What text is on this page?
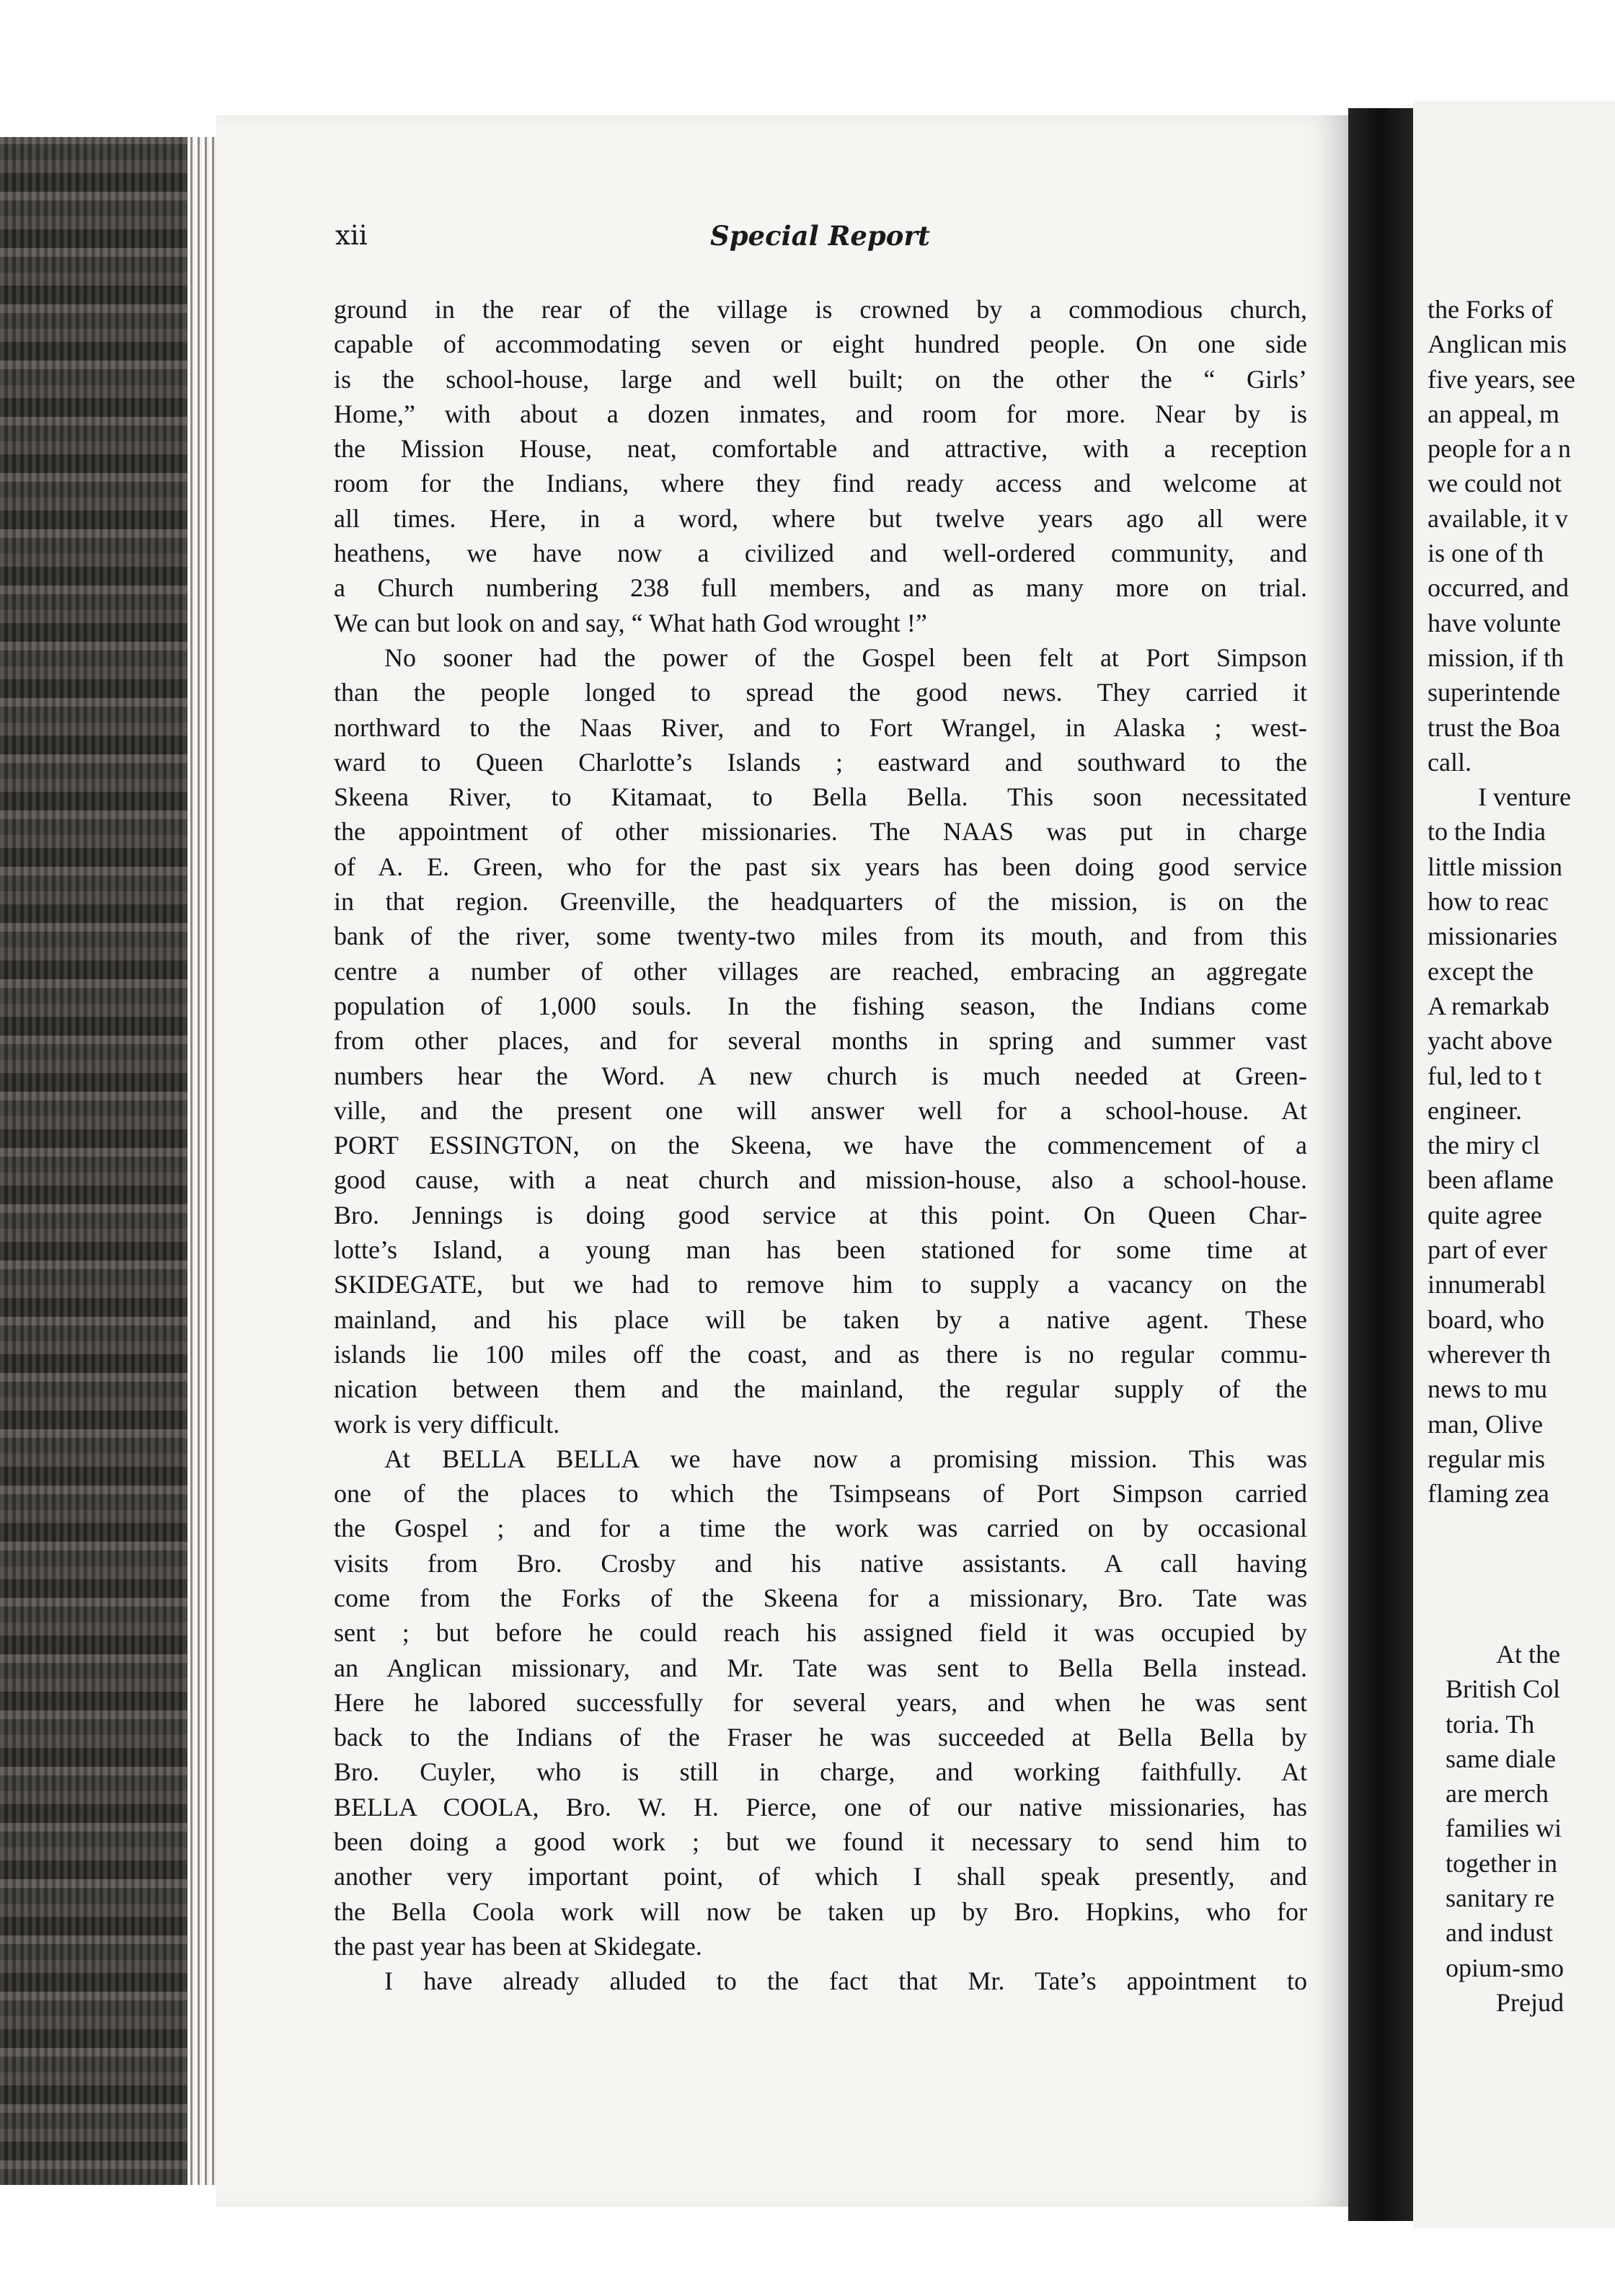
xii	Special Report
ground in the rear of the village is crowned by a commodious church,
capable of accommodating seven or eight hundred people. On one side
is the school-house, large and well built; on the other the “ Girls’
Home,” with about a dozen inmates, and room for more. Near by is
the Mission House, neat, comfortable and attractive, with a reception
room for the Indians, where they find ready access and welcome at
all times. Here, in a word, where but twelve years ago all were
heathens, we have now a civilized and well-ordered community, and
a Church numbering 238 full members, and as many more on trial.
We can but look on and say, “ What hath God wrought !”
No sooner had the power of the Gospel been felt at Port Simpson
than the people longed to spread the good news. They carried it
northward to the Naas River, and to Fort Wrangel, in Alaska ; west-
ward to Queen Charlotte’s Islands ; eastward and southward to the
Skeena River, to Kitamaat, to Bella Bella. This soon necessitated
the appointment of other missionaries. The NAAS was put in charge
of A. E. Green, who for the past six years has been doing good service
in that region. Greenville, the headquarters of the mission, is on the
bank of the river, some twenty-two miles from its mouth, and from this
centre a number of other villages are reached, embracing an aggregate
population of 1,000 souls. In the fishing season, the Indians come
from other places, and for several months in spring and summer vast
numbers hear the Word. A new church is much needed at Green-
ville, and the present one will answer well for a school-house. At
PORT ESSINGTON, on the Skeena, we have the commencement of a
good cause, with a neat church and mission-house, also a school-house.
Bro. Jennings is doing good service at this point. On Queen Char-
lotte’s Island, a young man has been stationed for some time at
SKIDEGATE, but we had to remove him to supply a vacancy on the
mainland, and his place will be taken by a native agent. These
islands lie 100 miles off the coast, and as there is no regular commu-
nication between them and the mainland, the regular supply of the
work is very difficult.
At BELLA BELLA we have now a promising mission. This was
one of the places to which the Tsimpseans of Port Simpson carried
the Gospel ; and for a time the work was carried on by occasional
visits from Bro. Crosby and his native assistants. A call having
come from the Forks of the Skeena for a missionary, Bro. Tate was
sent ; but before he could reach his assigned field it was occupied by
an Anglican missionary, and Mr. Tate was sent to Bella Bella instead.
Here he labored successfully for several years, and when he was sent
back to the Indians of the Fraser he was succeeded at Bella Bella by
Bro. Cuyler, who is still in charge, and working faithfully. At
BELLA COOLA, Bro. W. H. Pierce, one of our native missionaries, has
been doing a good work ; but we found it necessary to send him to
another very important point, of which I shall speak presently, and
the Bella Coola work will now be taken up by Bro. Hopkins, who for
the past year has been at Skidegate.
I have already alluded to the fact that Mr. Tate’s appointment to
the Forks of
Anglican mis
five years, see
an appeal, m
people for a n
we could not
available, it v
is one of th
occurred, and
have volunte
mission, if th
superintende
trust the Boa
call.
I venture
to the India
little mission
how to reac
missionaries
except the
A remarkab
yacht above
ful, led to t
engineer.
the miry cl
been aflame
quite agree
part of ever
innumerabl
board, who
wherever th
news to mu
man, Olive
regular mis
flaming zea
At the
British Col
toria. Th
same diale
are merch
families wi
together in
sanitary re
and indust
opium-smo
Prejud
